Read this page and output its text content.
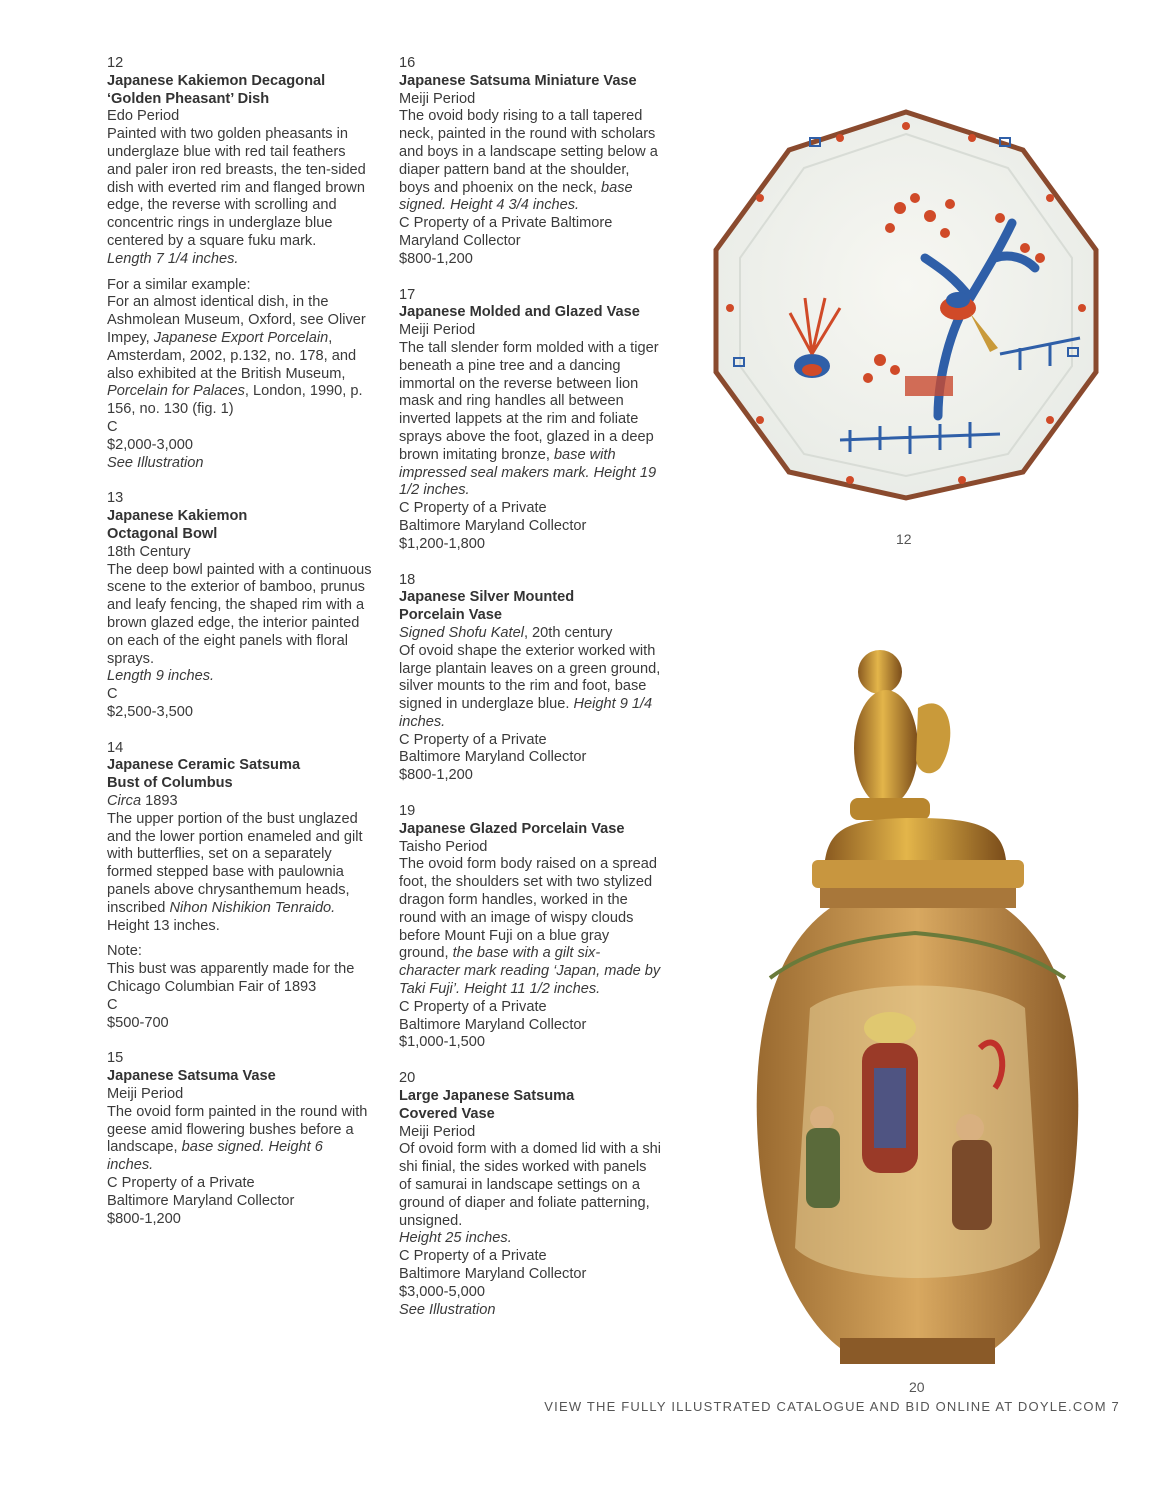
12
Japanese Kakiemon Decagonal
‘Golden Pheasant’ Dish
Edo Period
Painted with two golden pheasants in underglaze blue with red tail feathers and paler iron red breasts, the ten-sided dish with everted rim and flanged brown edge, the reverse with scrolling and concentric rings in underglaze blue centered by a square fuku mark.
Length 7 1/4 inches.
For a similar example:
For an almost identical dish, in the Ashmolean Museum, Oxford, see Oliver Impey, Japanese Export Porcelain, Amsterdam, 2002, p.132, no. 178, and also exhibited at the British Museum, Porcelain for Palaces, London, 1990, p. 156, no. 130 (fig. 1)
C
$2,000-3,000
See Illustration
13
Japanese Kakiemon
Octagonal Bowl
18th Century
The deep bowl painted with a continuous scene to the exterior of bamboo, prunus and leafy fencing, the shaped rim with a brown glazed edge, the interior painted on each of the eight panels with floral sprays.
Length 9 inches.
C
$2,500-3,500
14
Japanese Ceramic Satsuma
Bust of Columbus
Circa 1893
The upper portion of the bust unglazed and the lower portion enameled and gilt with butterflies, set on a separately formed stepped base with paulownia panels above chrysanthemum heads, inscribed Nihon Nishikion Tenraido.
Height 13 inches.
Note:
This bust was apparently made for the Chicago Columbian Fair of 1893
C
$500-700
15
Japanese Satsuma Vase
Meiji Period
The ovoid form painted in the round with geese amid flowering bushes before a landscape, base signed. Height 6 inches.
C Property of a Private
Baltimore Maryland Collector
$800-1,200
16
Japanese Satsuma Miniature Vase
Meiji Period
The ovoid body rising to a tall tapered neck, painted in the round with scholars and boys in a landscape setting below a diaper pattern band at the shoulder, boys and phoenix on the neck, base signed. Height 4 3/4 inches.
C Property of a Private Baltimore
Maryland Collector
$800-1,200
17
Japanese Molded and Glazed Vase
Meiji Period
The tall slender form molded with a tiger beneath a pine tree and a dancing immortal on the reverse between lion mask and ring handles all between inverted lappets at the rim and foliate sprays above the foot, glazed in a deep brown imitating bronze, base with impressed seal makers mark. Height 19 1/2 inches.
C Property of a Private
Baltimore Maryland Collector
$1,200-1,800
18
Japanese Silver Mounted
Porcelain Vase
Signed Shofu Katel, 20th century
Of ovoid shape the exterior worked with large plantain leaves on a green ground, silver mounts to the rim and foot, base signed in underglaze blue. Height 9 1/4 inches.
C Property of a Private
Baltimore Maryland Collector
$800-1,200
19
Japanese Glazed Porcelain Vase
Taisho Period
The ovoid form body raised on a spread foot, the shoulders set with two stylized dragon form handles, worked in the round with an image of wispy clouds before Mount Fuji on a blue gray ground, the base with a gilt six-character mark reading ‘Japan, made by Taki Fuji’. Height 11 1/2 inches.
C Property of a Private
Baltimore Maryland Collector
$1,000-1,500
20
Large Japanese Satsuma
Covered Vase
Meiji Period
Of ovoid form with a domed lid with a shi shi finial, the sides worked with panels of samurai in landscape settings on a ground of diaper and foliate patterning, unsigned.
Height 25 inches.
C Property of a Private
Baltimore Maryland Collector
$3,000-5,000
See Illustration
12
20
VIEW THE FULLY ILLUSTRATED CATALOGUE AND BID ONLINE AT DOYLE.COM 7
